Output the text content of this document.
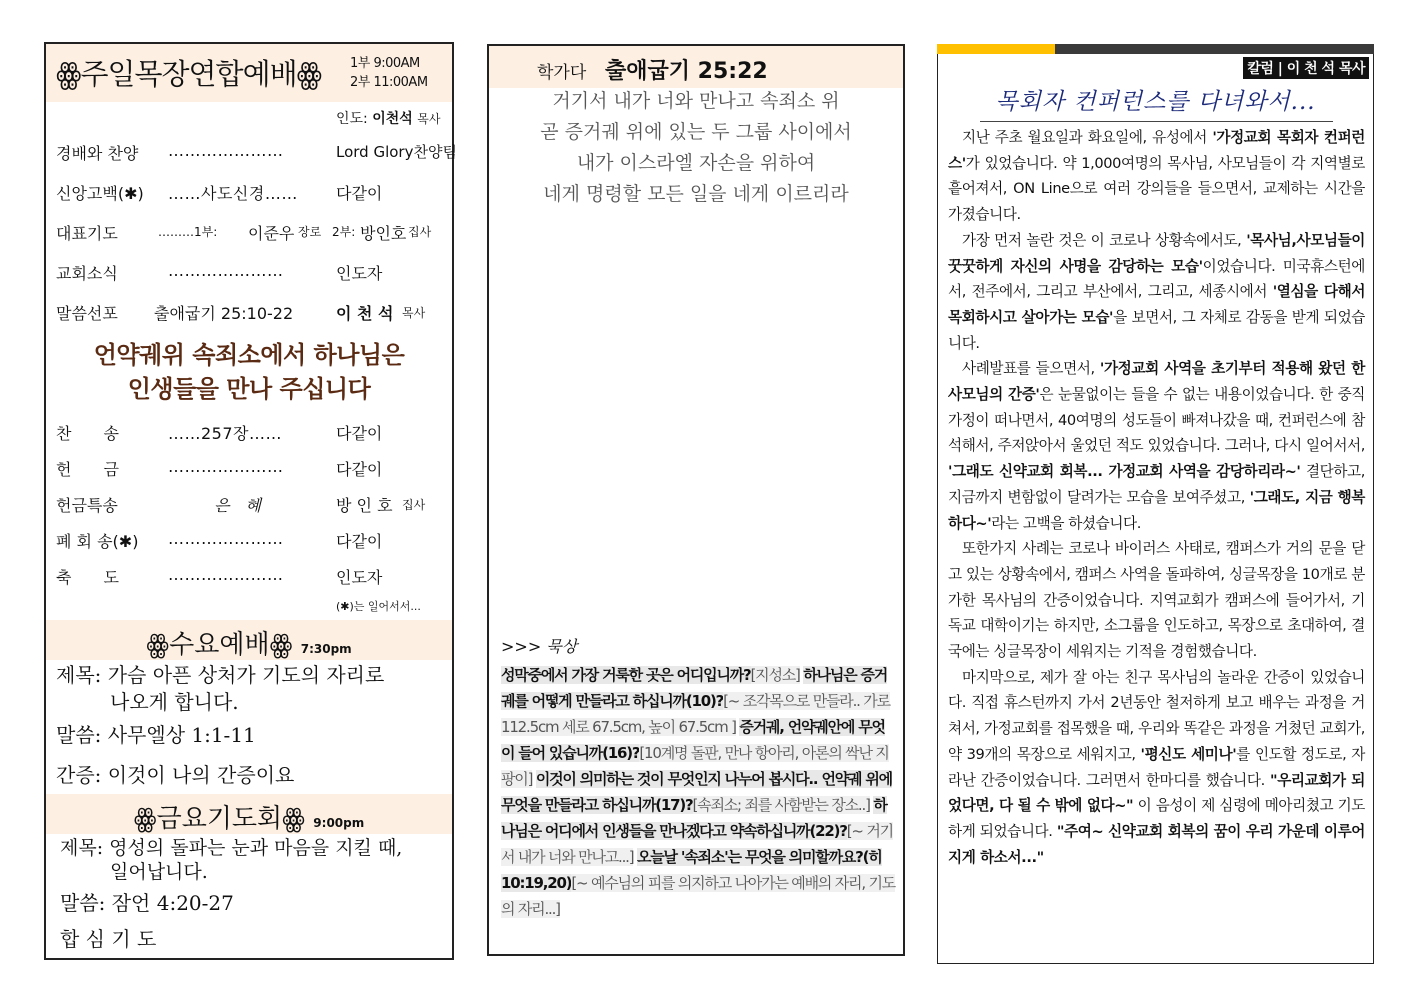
ꙮ주일목장연합예배ꙮ 1부 9:00AM
2부 11:00AM
인도: 이천석 목사
경배와 찬양 …………………	Lord Glory찬양팀
신앙고백(✱) ……사도신경…… 다같이
대표기도	………1부: 이준우 장로 2부: 방인호 집사
교회소식	…………………	인도자
말씀선포 출애굽기 25:10-22	이 천 석 목사
언약궤위 속죄소에서 하나님은
인생들을 만나 주십니다
찬　　송	……257장……	다같이
헌　　금	…………………	다같이
헌금특송	은　혜	방 인 호 집사
폐 회 송(✱) …………………	다같이
축　　도	…………………	인도자
(✱)는 일어서서...
ꙮ수요예배ꙮ 7:30pm
제목: 가슴 아픈 상처가 기도의 자리로
나오게 합니다.
말씀: 사무엘상 1:1-11
간증: 이것이 나의 간증이요
ꙮ금요기도회ꙮ 9:00pm
제목: 영성의 돌파는 눈과 마음을 지킬 때,
일어납니다.
말씀: 잠언 4:20-27
합 심 기 도
학가다 출애굽기 25:22
거기서 내가 너와 만나고 속죄소 위
곧 증거궤 위에 있는 두 그룹 사이에서
내가 이스라엘 자손을 위하여
네게 명령할 모든 일을 네게 이르리라
>>> 묵상
성막중에서 가장 거룩한 곳은 어디입니까?[지성소] 하나님은 증거궤를 어떻게 만들라고 하십니까(10)?[~ 조각목으로 만들라.. 가로 112.5cm 세로 67.5cm, 높이 67.5cm ] 증거궤, 언약궤안에 무엇이 들어 있습니까(16)?[10계명 돌판, 만나 항아리, 아론의 싹난 지팡이] 이것이 의미하는 것이 무엇인지 나누어 봅시다.. 언약궤 위에 무엇을 만들라고 하십니까(17)?[속죄소; 죄를 사함받는 장소..] 하나님은 어디에서 인생들을 만나겠다고 약속하십니까(22)?[~ 거기서 내가 너와 만나고...] 오늘날 '속죄소'는 무엇을 의미할까요?(히 10:19,20)[~ 예수님의 피를 의지하고 나아가는 예배의 자리, 기도의 자리...]
칼럼 | 이 천 석 목사
목회자 컨퍼런스를 다녀와서...

지난 주초 월요일과 화요일에, 유성에서 '가정교회 목회자 컨퍼런스'가 있었습니다. 약 1,000여명의 목사님, 사모님들이 각 지역별로 흩어져서, ON Line으로 여러 강의들을 들으면서, 교제하는 시간을 가졌습니다.

가장 먼저 놀란 것은 이 코로나 상황속에서도, '목사님,사모님들이 꿋꿋하게 자신의 사명을 감당하는 모습'이었습니다. 미국휴스턴에서, 전주에서, 그리고 부산에서, 그리고, 세종시에서 '열심을 다해서 목회하시고 살아가는 모습'을 보면서, 그 자체로 감동을 받게 되었습니다.

사례발표를 들으면서, '가정교회 사역을 초기부터 적용해 왔던 한 사모님의 간증'은 눈물없이는 들을 수 없는 내용이었습니다. 한 중직가정이 떠나면서, 40여명의 성도들이 빠져나갔을 때, 컨퍼런스에 참석해서, 주저앉아서 울었던 적도 있었습니다. 그러나, 다시 일어서서, '그래도 신약교회 회복... 가정교회 사역을 감당하리라~' 결단하고, 지금까지 변함없이 달려가는 모습을 보여주셨고, '그래도, 지금 행복하다~'라는 고백을 하셨습니다.

또한가지 사례는 코로나 바이러스 사태로, 캠퍼스가 거의 문을 닫고 있는 상황속에서, 캠퍼스 사역을 돌파하여, 싱글목장을 10개로 분가한 목사님의 간증이었습니다. 지역교회가 캠퍼스에 들어가서, 기독교 대학이기는 하지만, 소그룹을 인도하고, 목장으로 초대하여, 결국에는 싱글목장이 세워지는 기적을 경험했습니다.

마지막으로, 제가 잘 아는 친구 목사님의 놀라운 간증이 있었습니다. 직접 휴스턴까지 가서 2년동안 철저하게 보고 배우는 과정을 거쳐서, 가정교회를 접목했을 때, 우리와 똑같은 과정을 거쳤던 교회가, 약 39개의 목장으로 세워지고, '평신도 세미나'를 인도할 정도로, 자라난 간증이었습니다. 그러면서 한마디를 했습니다. "우리교회가 되었다면, 다 될 수 밖에 없다~" 이 음성이 제 심령에 메아리쳤고 기도하게 되었습니다. "주여~ 신약교회 회복의 꿈이 우리 가운데 이루어지게 하소서..."
